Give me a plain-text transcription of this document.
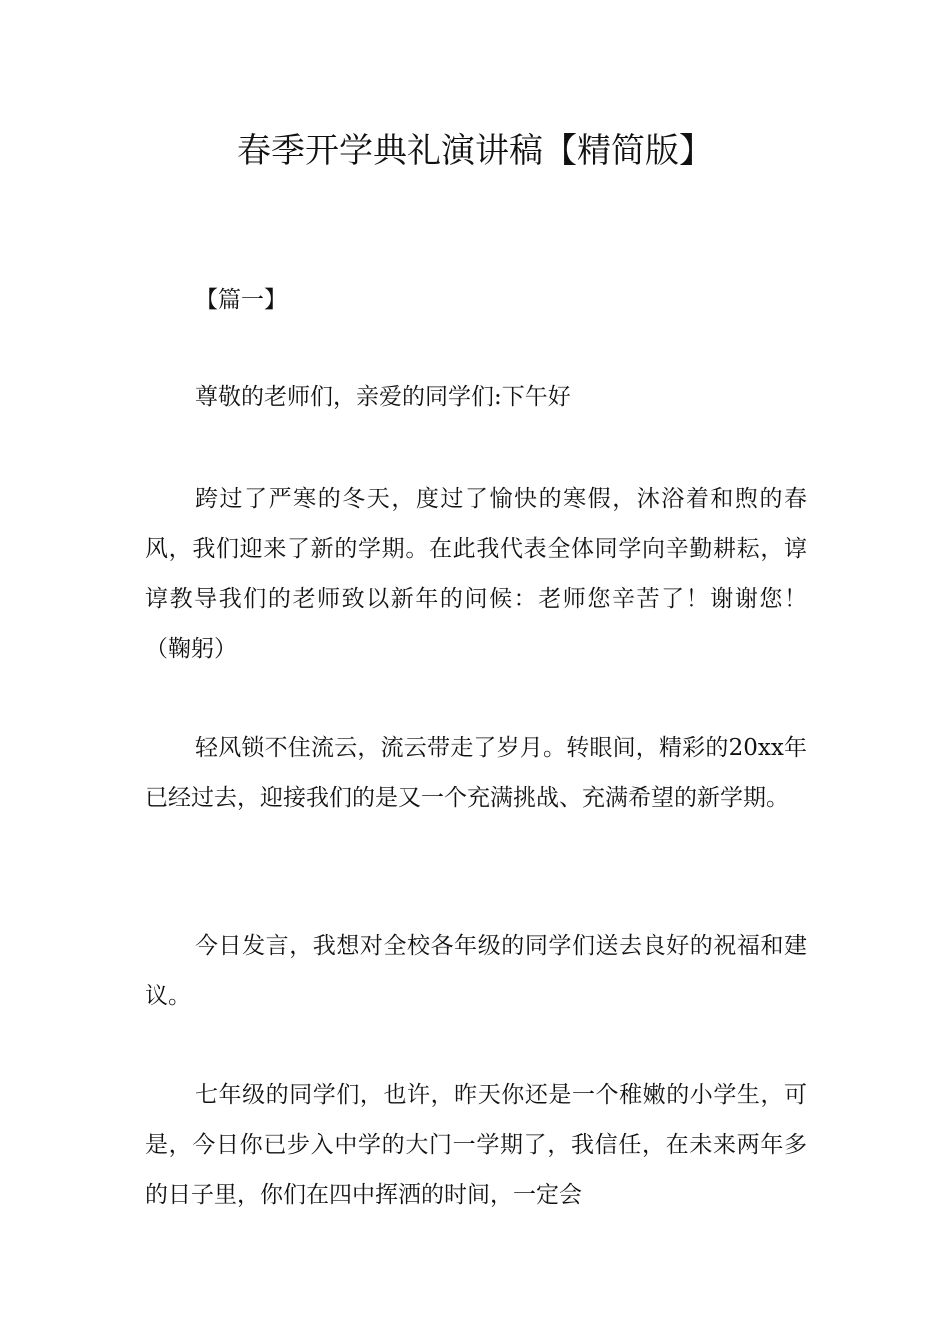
春季开学典礼演讲稿【精简版】
【篇一】

尊敬的老师们，亲爱的同学们:下午好

跨过了严寒的冬天，度过了愉快的寒假，沐浴着和煦的春风，我们迎来了新的学期。在此我代表全体同学向辛勤耕耘，谆谆教导我们的老师致以新年的问候：老师您辛苦了！谢谢您！（鞠躬）

轻风锁不住流云，流云带走了岁月。转眼间，精彩的20xx年已经过去，迎接我们的是又一个充满挑战、充满希望的新学期。

今日发言，我想对全校各年级的同学们送去良好的祝福和建议。

七年级的同学们，也许，昨天你还是一个稚嫩的小学生，可是，今日你已步入中学的大门一学期了，我信任，在未来两年多的日子里，你们在四中挥洒的时间，一定会
